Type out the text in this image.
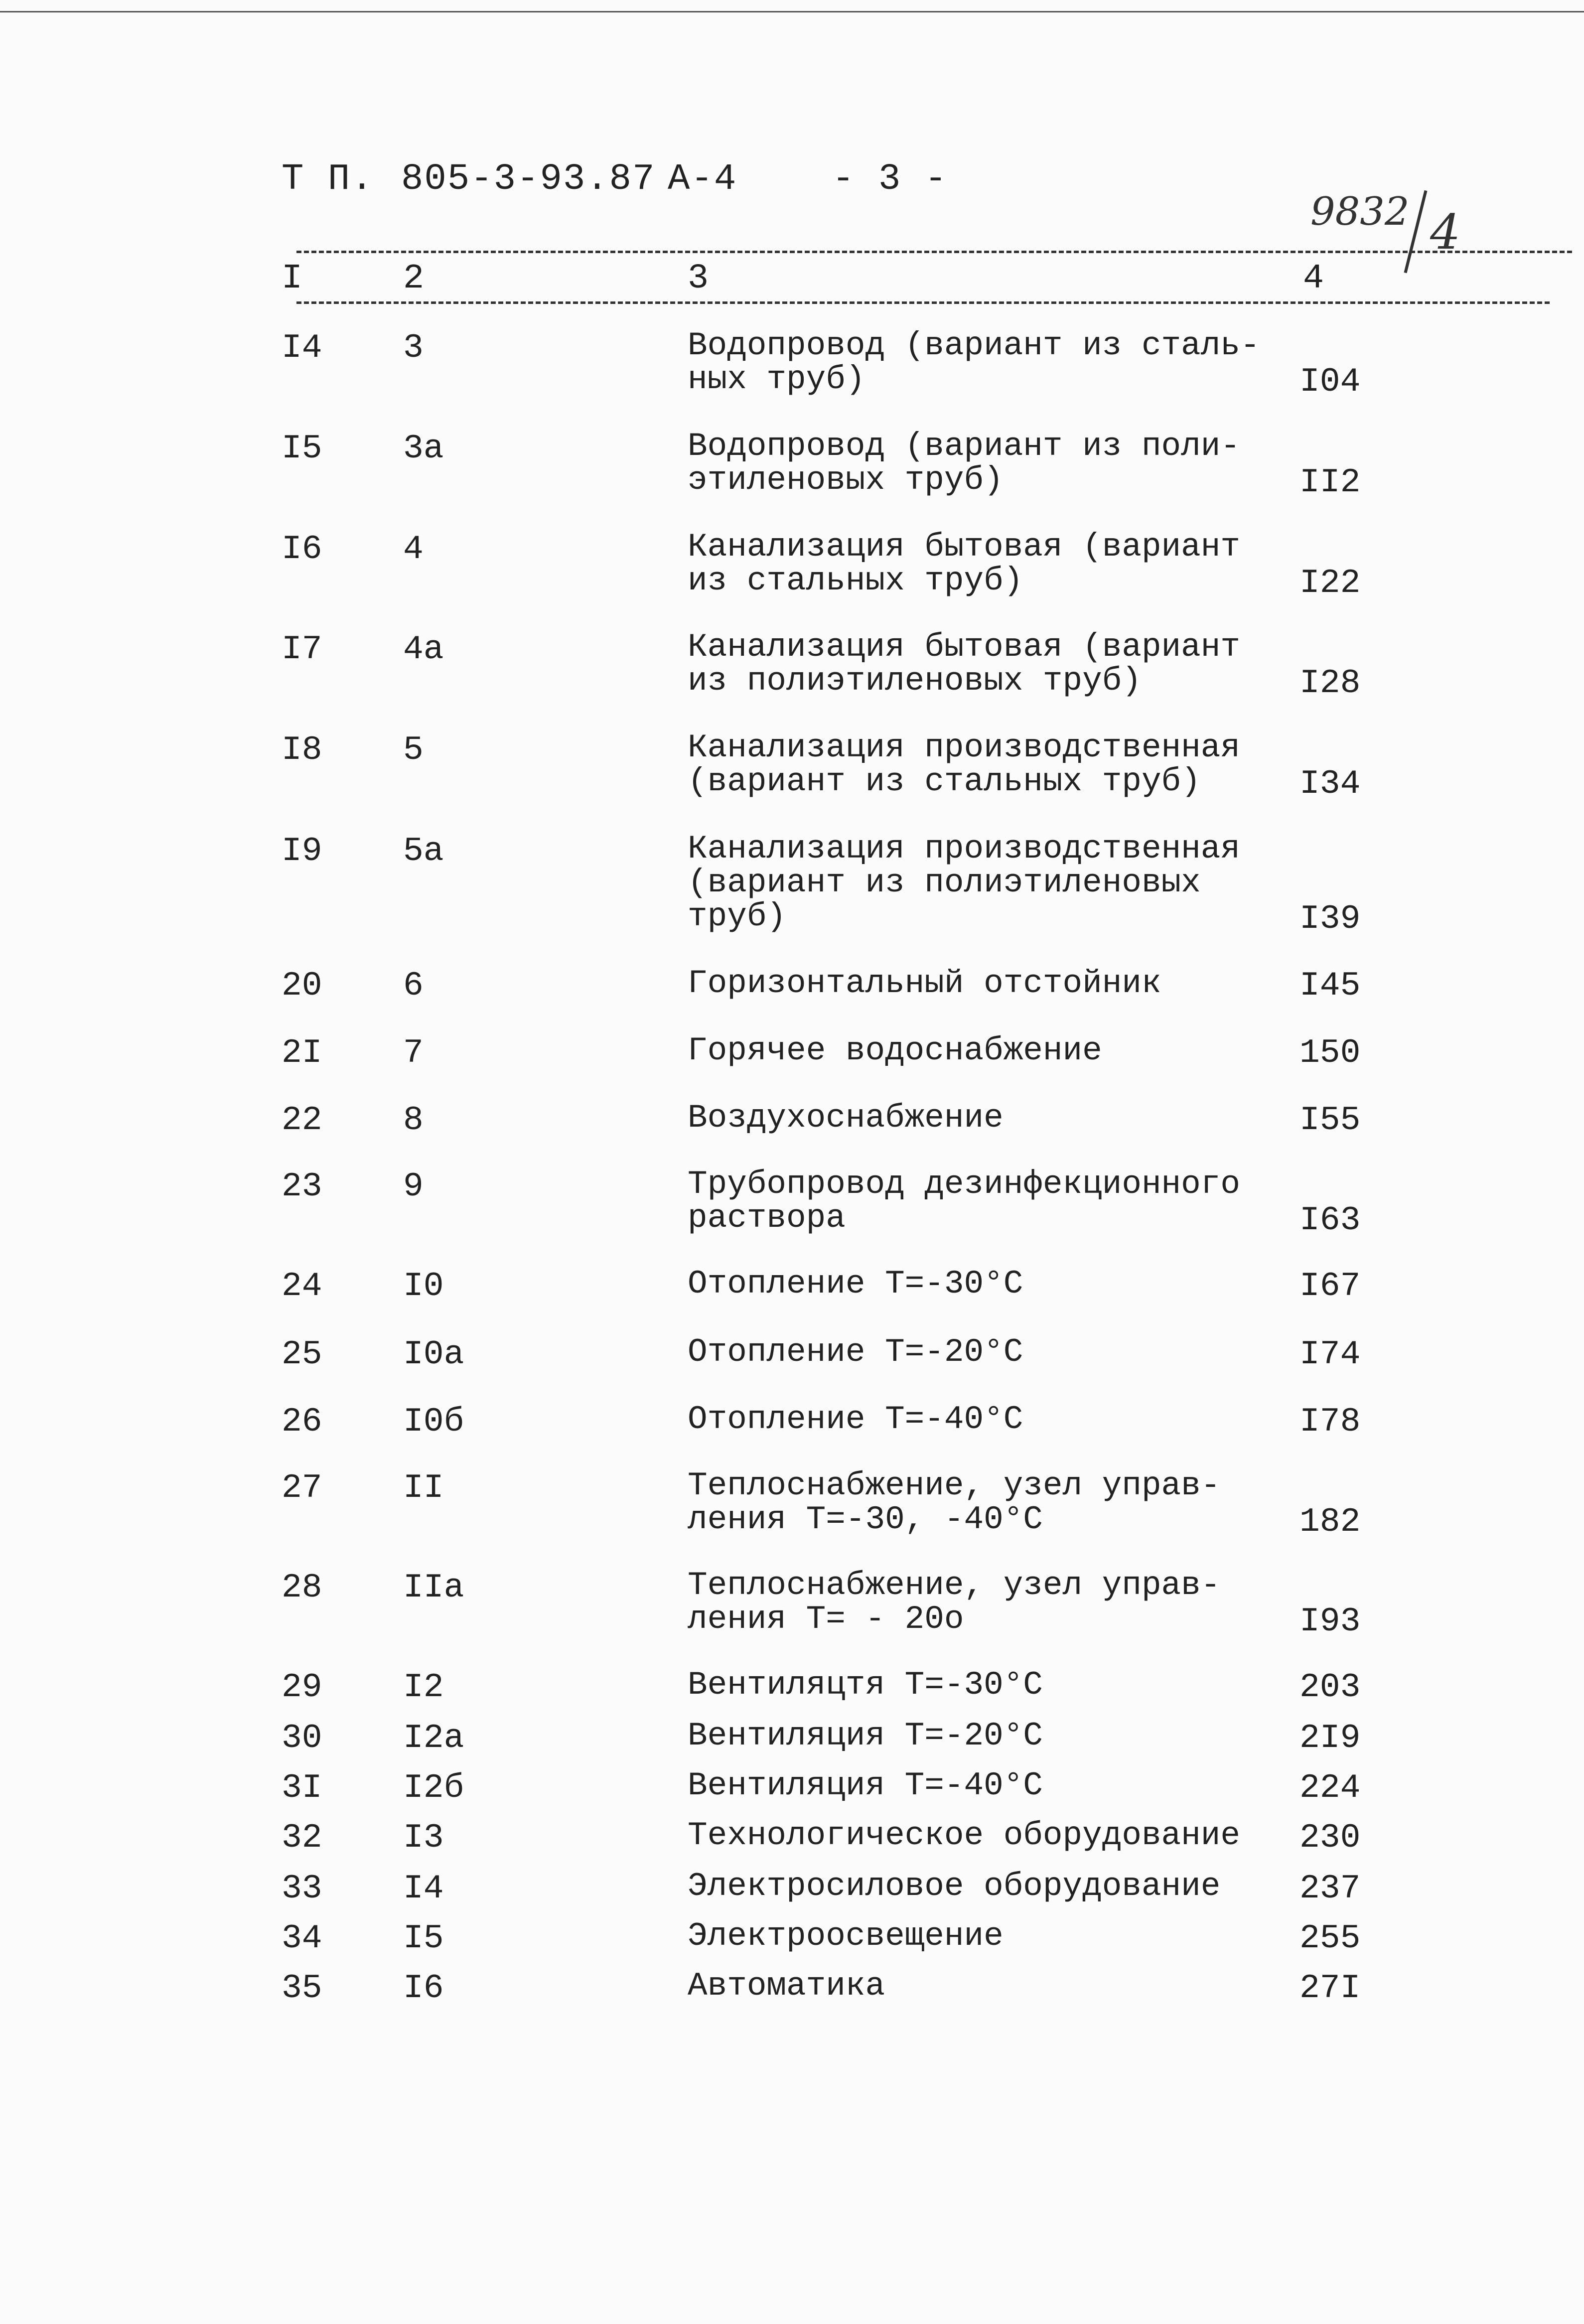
Т П. 805-3-93.87 А-4	- 3 -
9832 4
I	2	3	4
I4 3	Водопровод (вариант из сталь-
ных труб)	I04
I5 3а	Водопровод (вариант из поли-
этиленовых труб)	II2
I6 4	Канализация бытовая (вариант
из стальных труб)	I22
I7 4а	Канализация бытовая (вариант
из полиэтиленовых труб)	I28
I8 5	Канализация производственная
(вариант из стальных труб)	I34
I9 5а	Канализация производственная
(вариант из полиэтиленовых
труб)	I39
20 6	Горизонтальный отстойник	I45
2I 7	Горячее водоснабжение	150
22 8	Воздухоснабжение	I55
23 9	Трубопровод дезинфекционного
раствора	I63
24 I0	Отопление Т=-30°С	I67
25 I0а	Отопление Т=-20°С	I74
26 I0б	Отопление Т=-40°С	I78
27 II	Теплоснабжение, узел управ-
ления Т=-30, -40°С	182
28 IIа	Теплоснабжение, узел управ-
ления Т= - 20о	I93
29 I2	Вентиляцтя Т=-30°С	203
30 I2а	Вентиляция Т=-20°С	2I9
3I I2б	Вентиляция Т=-40°С	224
32 I3	Технологическое оборудование	230
33 I4	Электросиловое оборудование	237
34 I5	Электроосвещение	255
35 I6	Автоматика	27I
